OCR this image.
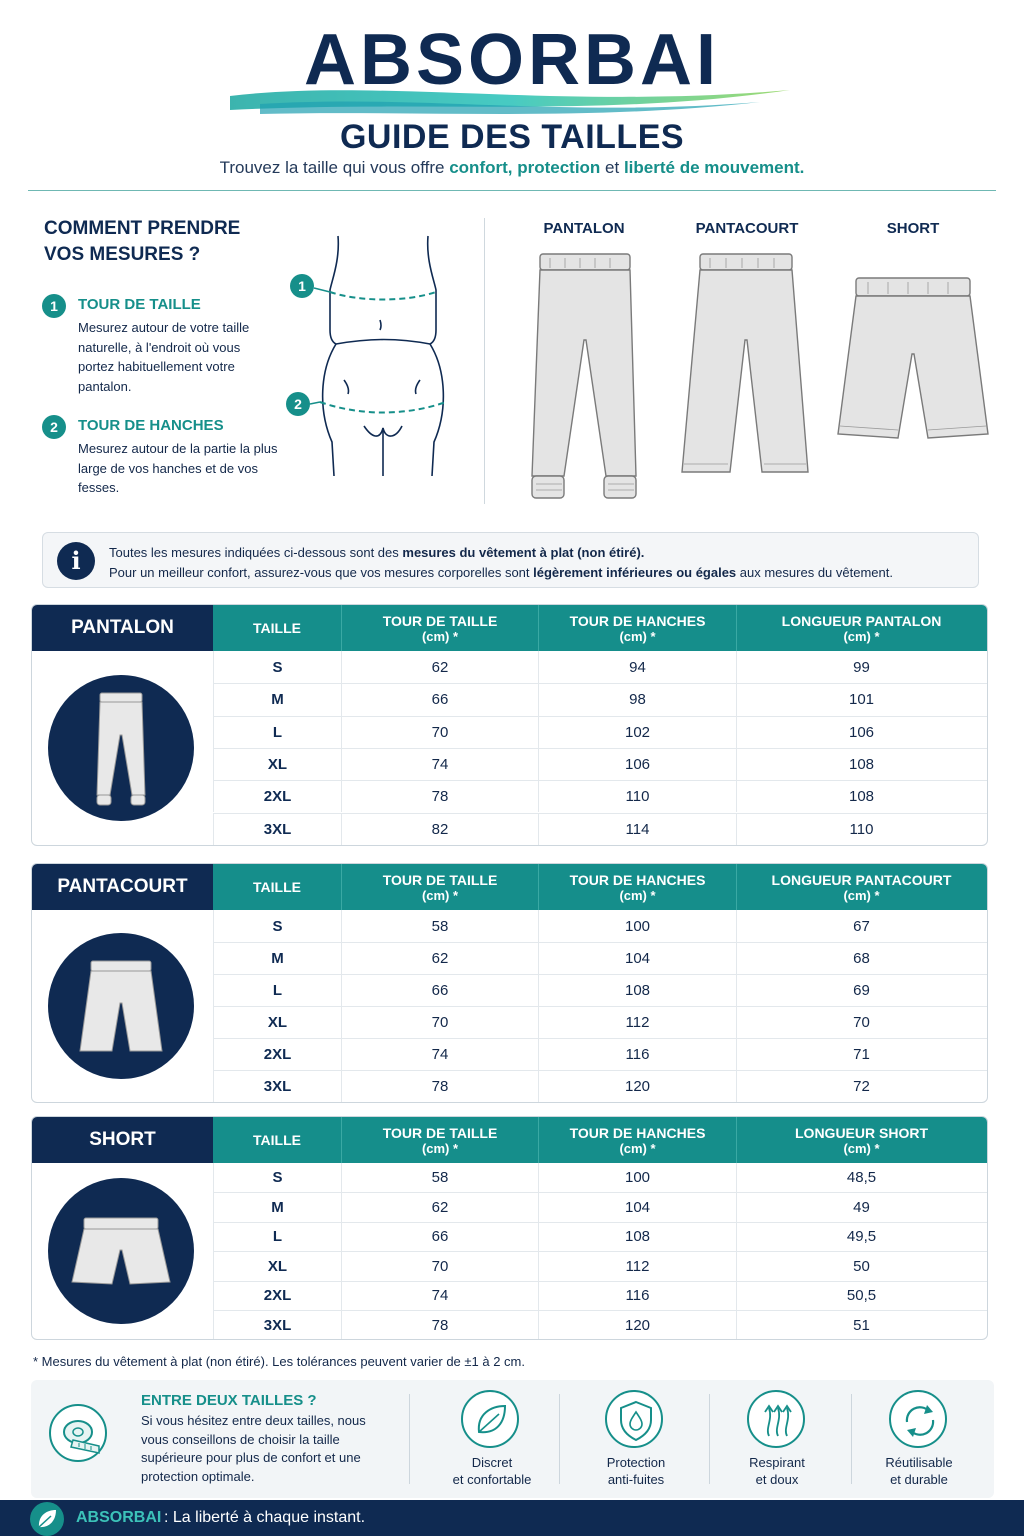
ABSORBAI
GUIDE DES TAILLES
Trouvez la taille qui vous offre confort, protection et liberté de mouvement.
COMMENT PRENDRE VOS MESURES ?
1	TOUR DE TAILLE
Mesurez autour de votre taille naturelle, à l'endroit où vous portez habituellement votre pantalon.
2	TOUR DE HANCHES
Mesurez autour de la partie la plus large de vos hanches et de vos fesses.
1
2
PANTALON	PANTACOURT	SHORT
i	Toutes les mesures indiquées ci-dessous sont des mesures du vêtement à plat (non étiré).
Pour un meilleur confort, assurez-vous que vos mesures corporelles sont légèrement inférieures ou égales aux mesures du vêtement.
PANTALON	TAILLE	TOUR DE TAILLE
(cm) *
TOUR DE HANCHES
(cm) *
LONGUEUR PANTALON
(cm) *
S	62	94	99
M	66	98	101
L	70	102	106
XL	74	106	108
2XL	78	110	108
3XL	82	114	110
PANTACOURT	TAILLE	TOUR DE TAILLE
(cm) *
TOUR DE HANCHES
(cm) *
LONGUEUR PANTACOURT
(cm) *
S	58	100	67
M	62	104	68
L	66	108	69
XL	70	112	70
2XL	74	116	71
3XL	78	120	72
SHORT	TAILLE	TOUR DE TAILLE
(cm) *
TOUR DE HANCHES
(cm) *
LONGUEUR SHORT
(cm) *
S	58	100	48,5
M	62	104	49
L	66	108	49,5
XL	70	112	50
2XL	74	116	50,5
3XL	78	120	51
* Mesures du vêtement à plat (non étiré). Les tolérances peuvent varier de ±1 à 2 cm.
ENTRE DEUX TAILLES ?
Si vous hésitez entre deux tailles, nous vous conseillons de choisir la taille supérieure pour plus de confort et une protection optimale.
Discret
et confortable
Protection
anti-fuites
Respirant
et doux
Réutilisable
et durable
ABSORBAI : La liberté à chaque instant.
